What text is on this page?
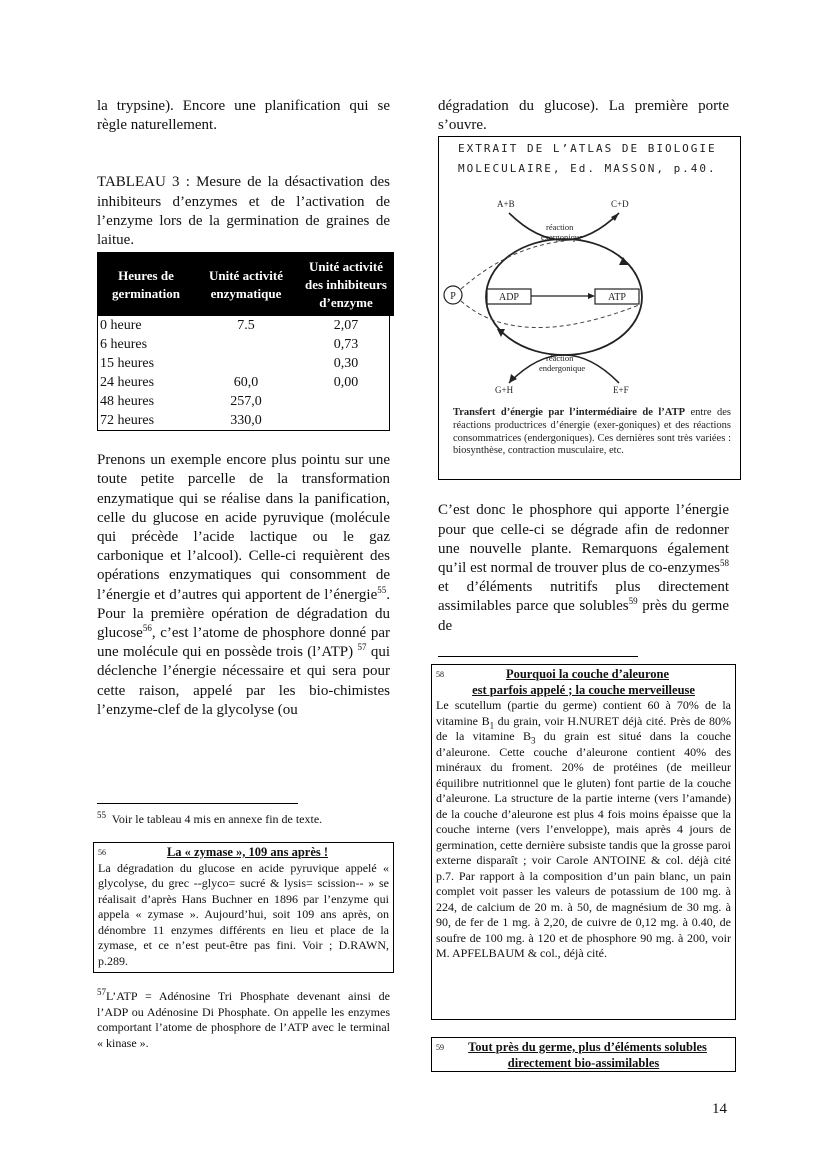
la trypsine). Encore une planification qui se règle naturellement.

TABLEAU 3 : Mesure de la désactivation des inhibiteurs d’enzymes et de l’activation de l’enzyme lors de la germination de graines de laitue.

Heures de germination	Unité activité enzymatique	Unité activité des inhibiteurs d’enzyme
0 heure	7.5	2,07
6 heures		0,73
15 heures		0,30
24 heures	60,0	0,00
48 heures	257,0	
72 heures	330,0	

Prenons un exemple encore plus pointu sur une toute petite parcelle de la transformation enzymatique qui se réalise dans la panification, celle du glucose en acide pyruvique (molécule qui précède l’acide lactique ou le gaz carbonique et l’alcool). Celle-ci requièrent des opérations enzymatiques qui consomment de l’énergie et d’autres qui apportent de l’énergie$^{55}$. Pour la première opération de dégradation du glucose$^{56}$, c’est l’atome de phosphore donné par une molécule qui en possède trois (l’ATP) $^{57}$ qui déclenche l’énergie nécessaire et qui sera pour cette raison, appelé par les bio-chimistes l’enzyme-clef de la glycolyse (ou

$^{55}$ Voir le tableau 4 mis en annexe fin de texte.
56	La « zymase », 109 ans après !
La dégradation du glucose en acide pyruvique appelé « glycolyse, du grec --glyco= sucré & lysis= scission-- » se réalisait d’après Hans Buchner en 1896 par l’enzyme qui appela « zymase ». Aujourd’hui, soit 109 ans après, on dénombre 11 enzymes différents en lieu et place de la zymase, et ce n’est peut-être pas fini. Voir ; D.RAWN, p.289.
$^{57}$L’ATP = Adénosine Tri Phosphate devenant ainsi de l’ADP ou Adénosine Di Phosphate. On appelle les enzymes comportant l’atome de phosphore de l’ATP avec le terminal « kinase ».

dégradation du glucose). La première porte s’ouvre.

C’est donc le phosphore qui apporte l’énergie pour que celle-ci se dégrade afin de redonner une nouvelle plante. Remarquons également qu’il est normal de trouver plus de co-enzymes$^{58}$ et d’éléments nutritifs plus directement assimilables parce que solubles$^{59}$ près du germe de

EXTRAIT DE L’ATLAS DE BIOLOGIE
MOLECULAIRE, Ed. MASSON, p.40.
A+B	C+D
réaction
exergonique
ADP	ATP
P
réaction
endergonique
G+H	E+F
Transfert d’énergie par l’intermédiaire de l’ATP entre des réactions productrices d’énergie (exer-goniques) et des réactions consommatrices (endergoniques). Ces dernières sont très variées : biosynthèse, contraction musculaire, etc.
58	Pourquoi la couche d’aleurone
est parfois appelé ; la couche merveilleuse
Le scutellum (partie du germe) contient 60 à 70% de la vitamine $B_1$ du grain, voir H.NURET déjà cité. Près de 80% de la vitamine $B_3$ du grain est situé dans la couche d’aleurone. Cette couche d’aleurone contient 40% des minéraux du froment. 20% de protéines (de meilleur équilibre nutritionnel que le gluten) font partie de la couche d’aleurone. La structure de la partie interne (vers l’amande) de la couche d’aleurone est plus 4 fois moins épaisse que la couche interne (vers l’enveloppe), mais après 4 jours de germination, cette dernière subsiste tandis que la grosse paroi externe disparaît ; voir Carole ANTOINE & col. déjà cité p.7. Par rapport à la composition d’un pain blanc, un pain complet voit passer les valeurs de potassium de 100 mg. à 224, de calcium de 20 m. à 50, de magnésium de 30 mg. à 90, de fer de 1 mg. à 2,20, de cuivre de 0,12 mg. à 0.40, de soufre de 100 mg. à 120 et de phosphore 90 mg. à 200, voir M. APFELBAUM & col., déjà cité.
59 Tout près du germe, plus d’éléments solubles
directement bio-assimilables
14
